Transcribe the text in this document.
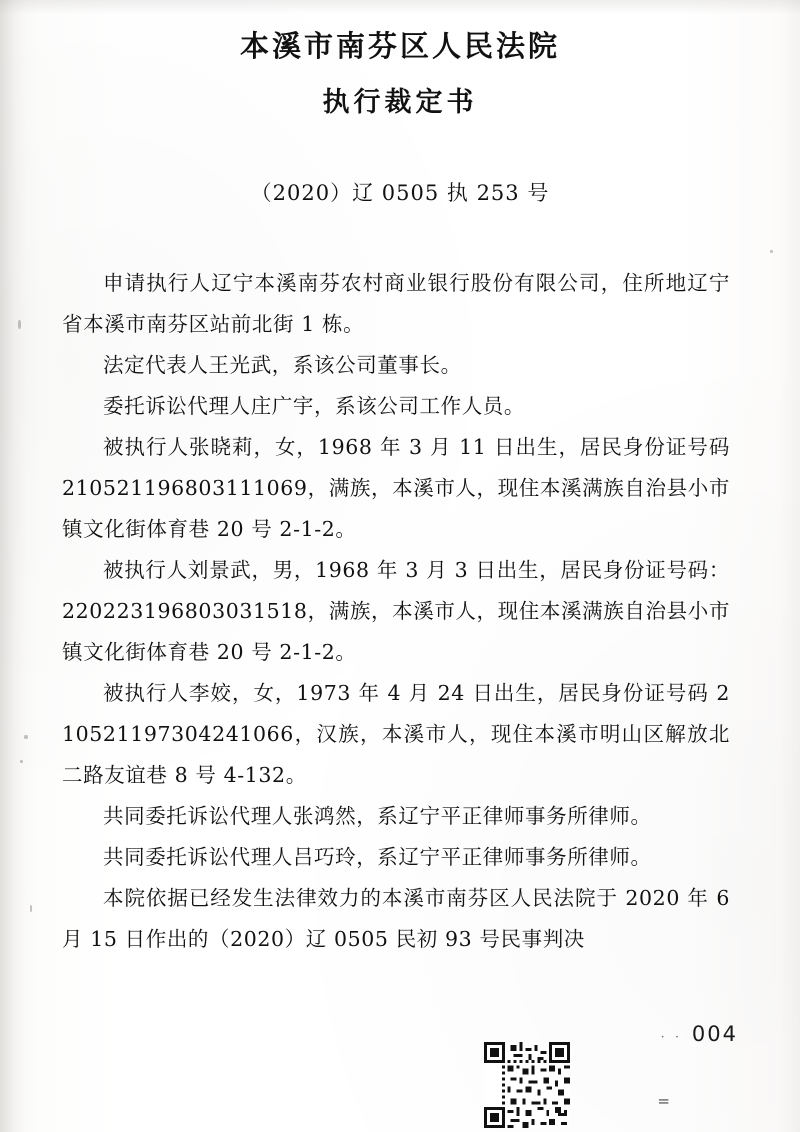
本溪市南芬区人民法院
执行裁定书
（2020）辽 0505 执 253 号

申请执行人辽宁本溪南芬农村商业银行股份有限公司，住所地辽宁省本溪市南芬区站前北街 1 栋。

法定代表人王光武，系该公司董事长。

委托诉讼代理人庄广宇，系该公司工作人员。

被执行人张晓莉，女，1968 年 3 月 11 日出生，居民身份证号码 210521196803111069，满族，本溪市人，现住本溪满族自治县小市镇文化街体育巷 20 号 2-1-2。

被执行人刘景武，男，1968 年 3 月 3 日出生，居民身份证号码：220223196803031518，满族，本溪市人，现住本溪满族自治县小市镇文化街体育巷 20 号 2-1-2。

被执行人李姣，女，1973 年 4 月 24 日出生，居民身份证号码 210521197304241066，汉族，本溪市人，现住本溪市明山区解放北二路友谊巷 8 号 4-132。

共同委托诉讼代理人张鸿然，系辽宁平正律师事务所律师。

共同委托诉讼代理人吕巧玲，系辽宁平正律师事务所律师。

本院依据已经发生法律效力的本溪市南芬区人民法院于 2020 年 6 月 15 日作出的（2020）辽 0505 民初 93 号民事判决

· · 004
=
